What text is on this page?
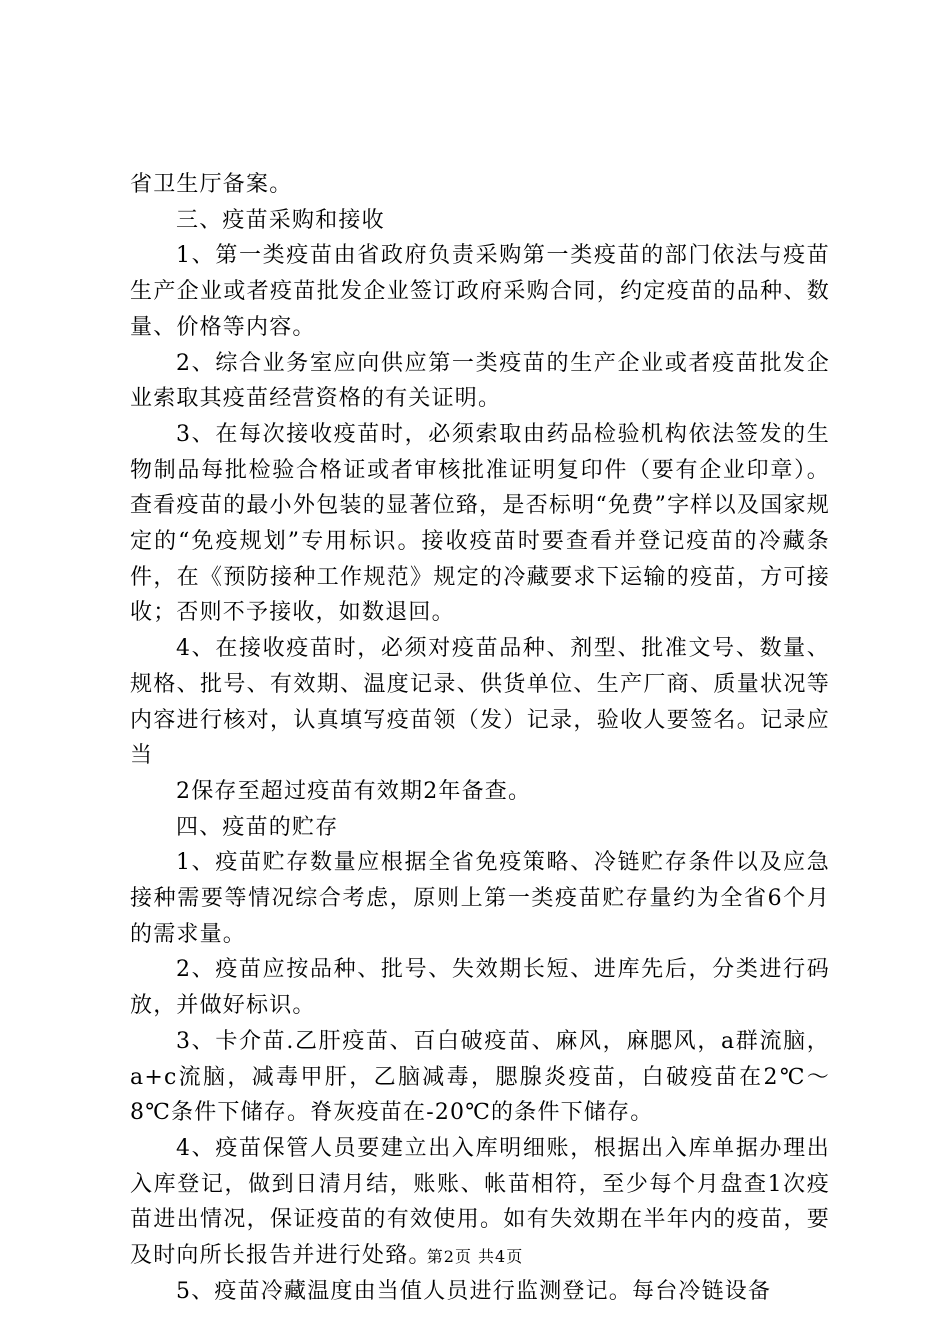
省卫生厅备案。

三、疫苗采购和接收

1、第一类疫苗由省政府负责采购第一类疫苗的部门依法与疫苗生产企业或者疫苗批发企业签订政府采购合同，约定疫苗的品种、数量、价格等内容。

2、综合业务室应向供应第一类疫苗的生产企业或者疫苗批发企业索取其疫苗经营资格的有关证明。

3、在每次接收疫苗时，必须索取由药品检验机构依法签发的生物制品每批检验合格证或者审核批准证明复印件（要有企业印章）。查看疫苗的最小外包装的显著位臵，是否标明“免费”字样以及国家规定的“免疫规划”专用标识。接收疫苗时要查看并登记疫苗的冷藏条件，在《预防接种工作规范》规定的冷藏要求下运输的疫苗，方可接收；否则不予接收，如数退回。

4、在接收疫苗时，必须对疫苗品种、剂型、批准文号、数量、规格、批号、有效期、温度记录、供货单位、生产厂商、质量状况等内容进行核对，认真填写疫苗领（发）记录，验收人要签名。记录应当

2保存至超过疫苗有效期2年备查。

四、疫苗的贮存

1、疫苗贮存数量应根据全省免疫策略、冷链贮存条件以及应急接种需要等情况综合考虑，原则上第一类疫苗贮存量约为全省6个月的需求量。

2、疫苗应按品种、批号、失效期长短、进库先后，分类进行码放，并做好标识。

3、卡介苗.乙肝疫苗、百白破疫苗、麻风，麻腮风，a群流脑，a+c流脑，减毒甲肝，乙脑减毒，腮腺炎疫苗，白破疫苗在2℃～8℃条件下储存。脊灰疫苗在-20℃的条件下储存。

4、疫苗保管人员要建立出入库明细账，根据出入库单据办理出入库登记，做到日清月结，账账、帐苗相符，至少每个月盘查1次疫苗进出情况，保证疫苗的有效使用。如有失效期在半年内的疫苗，要及时向所长报告并进行处臵。

5、疫苗冷藏温度由当值人员进行监测登记。每台冷链设备

第2页 共4页
